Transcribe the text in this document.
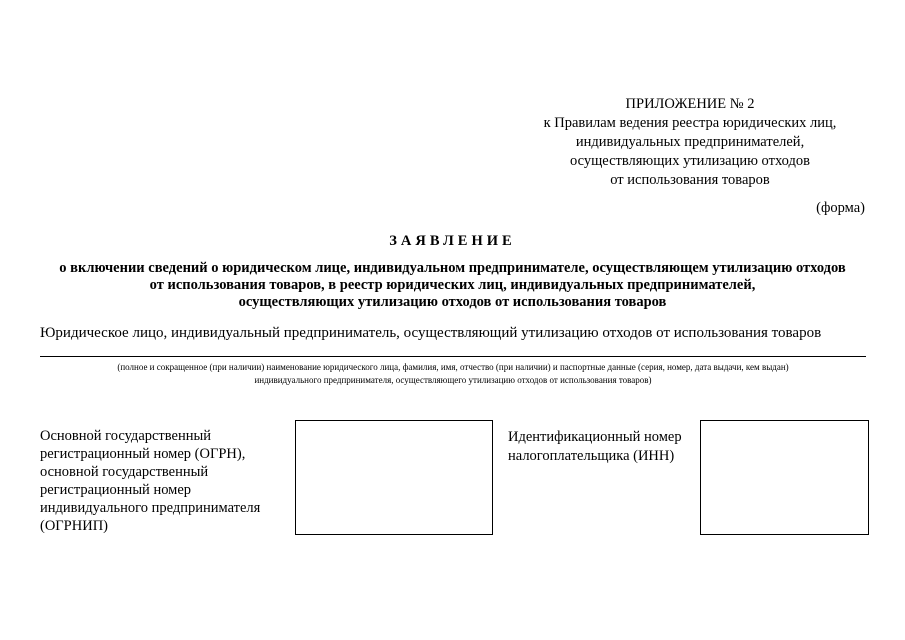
ПРИЛОЖЕНИЕ № 2
к Правилам ведения реестра юридических лиц,
индивидуальных предпринимателей,
осуществляющих утилизацию отходов
от использования товаров
(форма)
ЗАЯВЛЕНИЕ
о включении сведений о юридическом лице, индивидуальном предпринимателе, осуществляющем утилизацию отходов
от использования товаров, в реестр юридических лиц, индивидуальных предпринимателей,
осуществляющих утилизацию отходов от использования товаров
Юридическое лицо, индивидуальный предприниматель, осуществляющий утилизацию отходов от использования товаров
(полное и сокращенное (при наличии) наименование юридического лица, фамилия, имя, отчество (при наличии) и паспортные данные (серия, номер, дата выдачи, кем выдан)
индивидуального предпринимателя, осуществляющего утилизацию отходов от использования товаров)
Основной государственный
регистрационный номер (ОГРН),
основной государственный
регистрационный номер
индивидуального предпринимателя
(ОГРНИП)
Идентификационный номер
налогоплательщика (ИНН)
